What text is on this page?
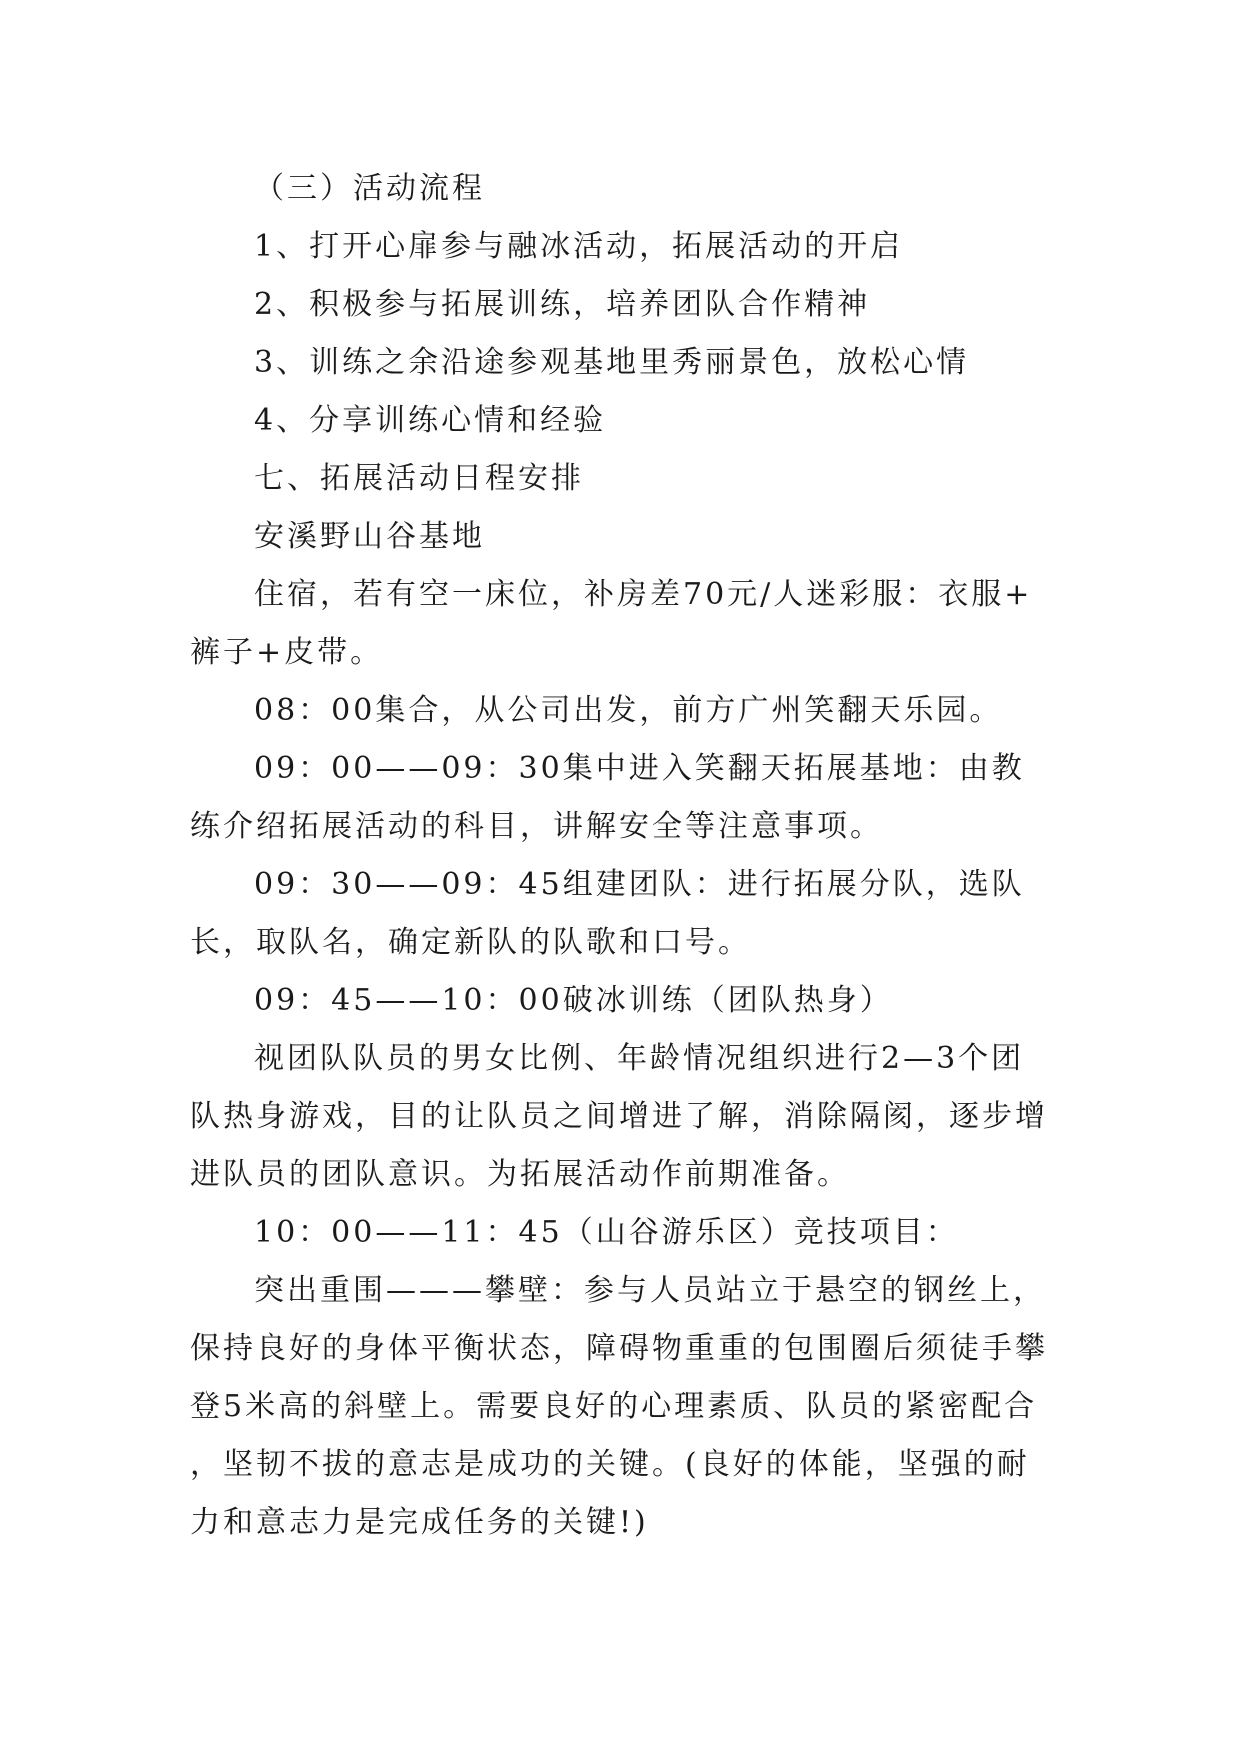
（三）活动流程

1、打开心扉参与融冰活动，拓展活动的开启

2、积极参与拓展训练，培养团队合作精神

3、训练之余沿途参观基地里秀丽景色，放松心情

4、分享训练心情和经验

七、拓展活动日程安排

安溪野山谷基地

住宿，若有空一床位，补房差70元/人迷彩服：衣服+裤子+皮带。

08：00集合，从公司出发，前方广州笑翻天乐园。

09：00——09：30集中进入笑翻天拓展基地：由教练介绍拓展活动的科目，讲解安全等注意事项。

09：30——09：45组建团队：进行拓展分队，选队长，取队名，确定新队的队歌和口号。

09：45——10：00破冰训练（团队热身）

视团队队员的男女比例、年龄情况组织进行2—3个团队热身游戏，目的让队员之间增进了解，消除隔阂，逐步增进队员的团队意识。为拓展活动作前期准备。

10：00——11：45（山谷游乐区）竞技项目：

突出重围———攀壁：参与人员站立于悬空的钢丝上，保持良好的身体平衡状态，障碍物重重的包围圈后须徒手攀登5米高的斜壁上。需要良好的心理素质、队员的紧密配合，坚韧不拔的意志是成功的关键。(良好的体能，坚强的耐力和意志力是完成任务的关键!)
